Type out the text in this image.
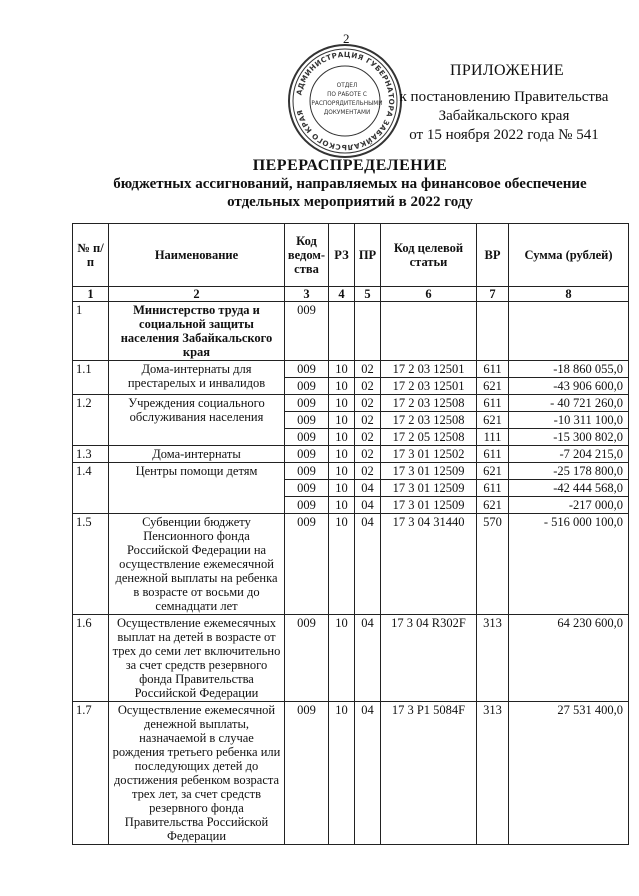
2
АДМИНИСТРАЦИЯ ГУБЕРНАТОРА ЗАБАЙКАЛЬСКОГО КРАЯ
ОТДЕЛ
ПО РАБОТЕ С
РАСПОРЯДИТЕЛЬНЫМИ
ДОКУМЕНТАМИ
ПРИЛОЖЕНИЕ
к постановлению Правительства
Забайкальского края
от 15 ноября 2022 года № 541
ПЕРЕРАСПРЕДЕЛЕНИЕ
бюджетных ассигнований, направляемых на финансовое обеспечение
отдельных мероприятий в 2022 году
№ п/п	Наименование	Код ведом-ства	РЗ	ПР	Код целевой статьи	ВР	Сумма (рублей)
1	2	3	4	5	6	7	8
1	Министерство труда и социальной защиты населения Забайкальского края	009					
1.1	Дома-интернаты для престарелых и инвалидов	009	10	02	17 2 03 12501	611	-18 860 055,0
		009	10	02	17 2 03 12501	621	-43 906 600,0
1.2	Учреждения социального обслуживания населения	009	10	02	17 2 03 12508	611	- 40 721 260,0
		009	10	02	17 2 03 12508	621	-10 311 100,0
		009	10	02	17 2 05 12508	111	-15 300 802,0
1.3	Дома-интернаты	009	10	02	17 3 01 12502	611	-7 204 215,0
1.4	Центры помощи детям	009	10	02	17 3 01 12509	621	-25 178 800,0
		009	10	04	17 3 01 12509	611	-42 444 568,0
		009	10	04	17 3 01 12509	621	-217 000,0
1.5	Субвенции бюджету Пенсионного фонда Российской Федерации на осуществление ежемесячной денежной выплаты на ребенка в возрасте от восьми до семнадцати лет	009	10	04	17 3 04 31440	570	- 516 000 100,0
1.6	Осуществление ежемесячных выплат на детей в возрасте от трех до семи лет включительно за счет средств резервного фонда Правительства Российской Федерации	009	10	04	17 3 04 R302F	313	64 230 600,0
1.7	Осуществление ежемесячной денежной выплаты, назначаемой в случае рождения третьего ребенка или последующих детей до достижения ребенком возраста трех лет, за счет средств резервного фонда Правительства Российской Федерации	009	10	04	17 3 P1 5084F	313	27 531 400,0
